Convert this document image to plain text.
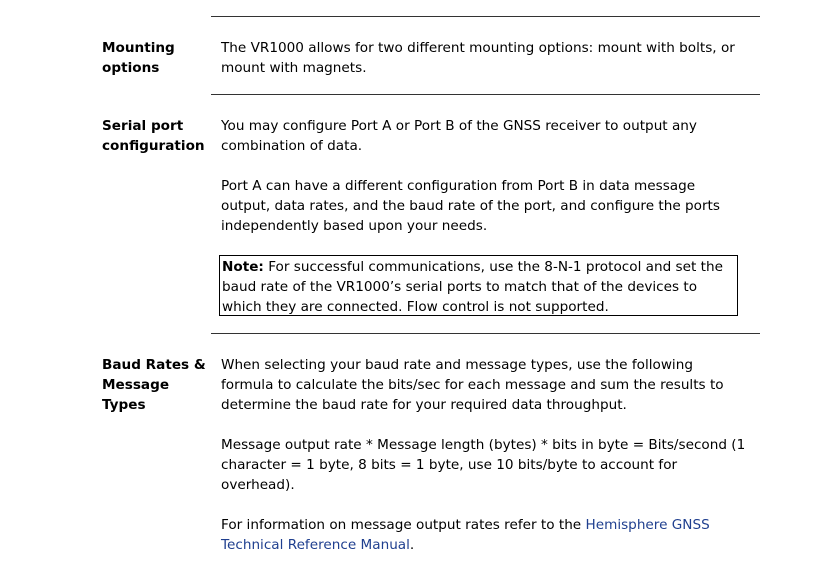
Mounting
options
The VR1000 allows for two different mounting options: mount with bolts, or mount with magnets.
Serial port
configuration
You may configure Port A or Port B of the GNSS receiver to output any combination of data.
Port A can have a different configuration from Port B in data message output, data rates, and the baud rate of the port, and configure the ports independently based upon your needs.
Note: For successful communications, use the 8-N-1 protocol and set the baud rate of the VR1000’s serial ports to match that of the devices to which they are connected. Flow control is not supported.
Baud Rates &
Message Types
When selecting your baud rate and message types, use the following formula to calculate the bits/sec for each message and sum the results to determine the baud rate for your required data throughput.
Message output rate * Message length (bytes) * bits in byte = Bits/second (1 character = 1 byte, 8 bits = 1 byte, use 10 bits/byte to account for overhead).
For information on message output rates refer to the Hemisphere GNSS Technical Reference Manual.
